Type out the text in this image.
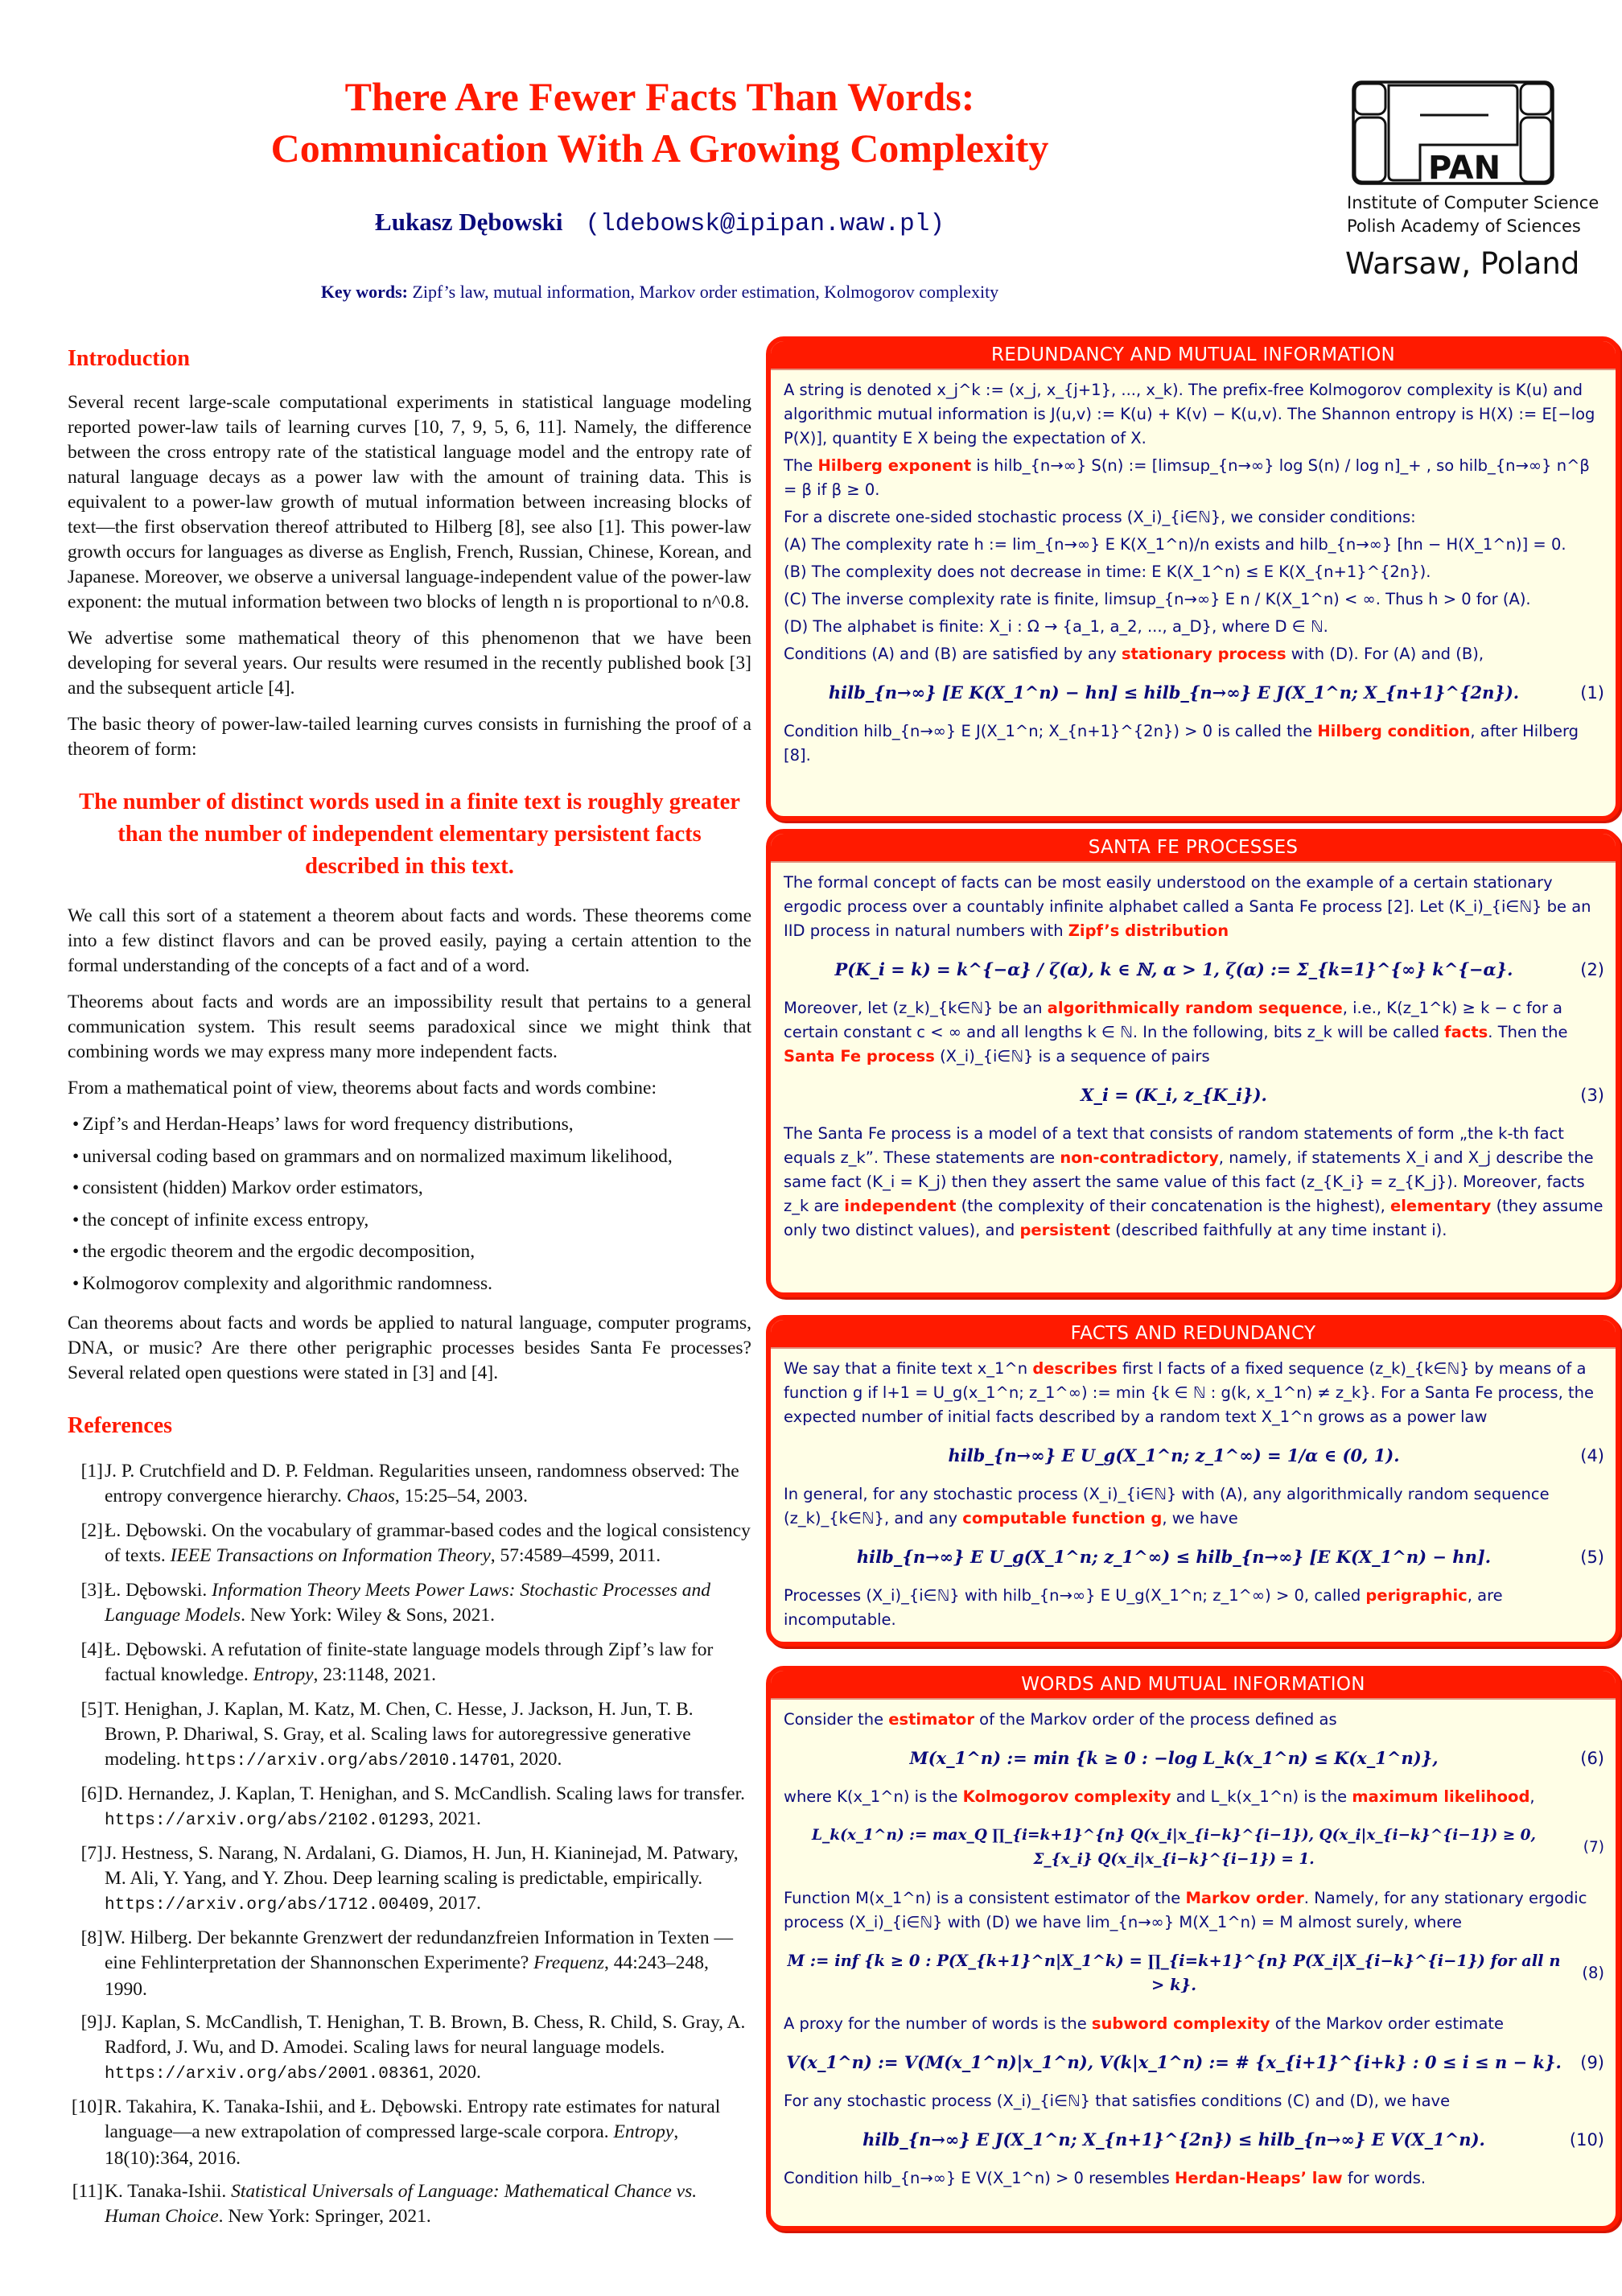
There Are Fewer Facts Than Words:
Communication With A Growing Complexity
Łukasz Dębowski (ldebowsk@ipipan.waw.pl)
Key words: Zipf’s law, mutual information, Markov order estimation, Kolmogorov complexity
PAN
Institute of Computer Science
Polish Academy of Sciences
Warsaw, Poland
Introduction

Several recent large-scale computational experiments in statistical language modeling reported power-law tails of learning curves [10, 7, 9, 5, 6, 11]. Namely, the difference between the cross entropy rate of the statistical language model and the entropy rate of natural language decays as a power law with the amount of training data. This is equivalent to a power-law growth of mutual information between increasing blocks of text—the first observation thereof attributed to Hilberg [8], see also [1]. This power-law growth occurs for languages as diverse as English, French, Russian, Chinese, Korean, and Japanese. Moreover, we observe a universal language-independent value of the power-law exponent: the mutual information between two blocks of length n is proportional to n^0.8.

We advertise some mathematical theory of this phenomenon that we have been developing for several years. Our results were resumed in the recently published book [3] and the subsequent article [4].

The basic theory of power-law-tailed learning curves consists in furnishing the proof of a theorem of form:

The number of distinct words used in a finite text is roughly greater than the number of independent elementary persistent facts described in this text.

We call this sort of a statement a theorem about facts and words. These theorems come into a few distinct flavors and can be proved easily, paying a certain attention to the formal understanding of the concepts of a fact and of a word.

Theorems about facts and words are an impossibility result that pertains to a general communication system. This result seems paradoxical since we might think that combining words we may express many more independent facts.

From a mathematical point of view, theorems about facts and words combine:

• Zipf’s and Herdan-Heaps’ laws for word frequency distributions,
• universal coding based on grammars and on normalized maximum likelihood,
• consistent (hidden) Markov order estimators,
• the concept of infinite excess entropy,
• the ergodic theorem and the ergodic decomposition,
• Kolmogorov complexity and algorithmic randomness.

Can theorems about facts and words be applied to natural language, computer programs, DNA, or music? Are there other perigraphic processes besides Santa Fe processes? Several related open questions were stated in [3] and [4].

References
[1] J. P. Crutchfield and D. P. Feldman. Regularities unseen, randomness observed: The entropy convergence hierarchy. Chaos, 15:25–54, 2003.
[2] Ł. Dębowski. On the vocabulary of grammar-based codes and the logical consistency of texts. IEEE Transactions on Information Theory, 57:4589–4599, 2011.
[3] Ł. Dębowski. Information Theory Meets Power Laws: Stochastic Processes and Language Models. New York: Wiley & Sons, 2021.
[4] Ł. Dębowski. A refutation of finite-state language models through Zipf’s law for factual knowledge. Entropy, 23:1148, 2021.
[5] T. Henighan, J. Kaplan, M. Katz, M. Chen, C. Hesse, J. Jackson, H. Jun, T. B. Brown, P. Dhariwal, S. Gray, et al. Scaling laws for autoregressive generative modeling. https://arxiv.org/abs/2010.14701, 2020.
[6] D. Hernandez, J. Kaplan, T. Henighan, and S. McCandlish. Scaling laws for transfer. https://arxiv.org/abs/2102.01293, 2021.
[7] J. Hestness, S. Narang, N. Ardalani, G. Diamos, H. Jun, H. Kianinejad, M. Patwary, M. Ali, Y. Yang, and Y. Zhou. Deep learning scaling is predictable, empirically. https://arxiv.org/abs/1712.00409, 2017.
[8] W. Hilberg. Der bekannte Grenzwert der redundanzfreien Information in Texten — eine Fehlinterpretation der Shannonschen Experimente? Frequenz, 44:243–248, 1990.
[9] J. Kaplan, S. McCandlish, T. Henighan, T. B. Brown, B. Chess, R. Child, S. Gray, A. Radford, J. Wu, and D. Amodei. Scaling laws for neural language models. https://arxiv.org/abs/2001.08361, 2020.
[10] R. Takahira, K. Tanaka-Ishii, and Ł. Dębowski. Entropy rate estimates for natural language—a new extrapolation of compressed large-scale corpora. Entropy, 18(10):364, 2016.
[11] K. Tanaka-Ishii. Statistical Universals of Language: Mathematical Chance vs. Human Choice. New York: Springer, 2021.
REDUNDANCY AND MUTUAL INFORMATION

A string is denoted x_j^k := (x_j, x_{j+1}, ..., x_k). The prefix-free Kolmogorov complexity is K(u) and algorithmic mutual information is J(u,v) := K(u) + K(v) − K(u,v). The Shannon entropy is H(X) := E[−log P(X)], quantity E X being the expectation of X.

The Hilberg exponent is hilb_{n→∞} S(n) := [limsup_{n→∞} log S(n) / log n]_+ , so hilb_{n→∞} n^β = β if β ≥ 0.

For a discrete one-sided stochastic process (X_i)_{i∈ℕ}, we consider conditions:

(A) The complexity rate h := lim_{n→∞} E K(X_1^n)/n exists and hilb_{n→∞} [hn − H(X_1^n)] = 0.

(B) The complexity does not decrease in time: E K(X_1^n) ≤ E K(X_{n+1}^{2n}).

(C) The inverse complexity rate is finite, limsup_{n→∞} E n / K(X_1^n) < ∞. Thus h > 0 for (A).

(D) The alphabet is finite: X_i : Ω → {a_1, a_2, ..., a_D}, where D ∈ ℕ.

Conditions (A) and (B) are satisfied by any stationary process with (D). For (A) and (B),

hilb_{n→∞} [E K(X_1^n) − hn] ≤ hilb_{n→∞} E J(X_1^n; X_{n+1}^{2n}).	(1)

Condition hilb_{n→∞} E J(X_1^n; X_{n+1}^{2n}) > 0 is called the Hilberg condition, after Hilberg [8].

SANTA FE PROCESSES

The formal concept of facts can be most easily understood on the example of a certain stationary ergodic process over a countably infinite alphabet called a Santa Fe process [2]. Let (K_i)_{i∈ℕ} be an IID process in natural numbers with Zipf’s distribution

P(K_i = k) = k^{−α} / ζ(α), k ∈ ℕ, α > 1, ζ(α) := Σ_{k=1}^{∞} k^{−α}.	(2)

Moreover, let (z_k)_{k∈ℕ} be an algorithmically random sequence, i.e., K(z_1^k) ≥ k − c for a certain constant c < ∞ and all lengths k ∈ ℕ. In the following, bits z_k will be called facts. Then the Santa Fe process (X_i)_{i∈ℕ} is a sequence of pairs

X_i = (K_i, z_{K_i}).	(3)

The Santa Fe process is a model of a text that consists of random statements of form „the k-th fact equals z_k”. These statements are non-contradictory, namely, if statements X_i and X_j describe the same fact (K_i = K_j) then they assert the same value of this fact (z_{K_i} = z_{K_j}). Moreover, facts z_k are independent (the complexity of their concatenation is the highest), elementary (they assume only two distinct values), and persistent (described faithfully at any time instant i).

FACTS AND REDUNDANCY

We say that a finite text x_1^n describes first l facts of a fixed sequence (z_k)_{k∈ℕ} by means of a function g if l+1 = U_g(x_1^n; z_1^∞) := min {k ∈ ℕ : g(k, x_1^n) ≠ z_k}. For a Santa Fe process, the expected number of initial facts described by a random text X_1^n grows as a power law

hilb_{n→∞} E U_g(X_1^n; z_1^∞) = 1/α ∈ (0, 1).	(4)

In general, for any stochastic process (X_i)_{i∈ℕ} with (A), any algorithmically random sequence (z_k)_{k∈ℕ}, and any computable function g, we have

hilb_{n→∞} E U_g(X_1^n; z_1^∞) ≤ hilb_{n→∞} [E K(X_1^n) − hn].	(5)

Processes (X_i)_{i∈ℕ} with hilb_{n→∞} E U_g(X_1^n; z_1^∞) > 0, called perigraphic, are incomputable.

WORDS AND MUTUAL INFORMATION

Consider the estimator of the Markov order of the process defined as

M(x_1^n) := min {k ≥ 0 : −log L_k(x_1^n) ≤ K(x_1^n)},	(6)

where K(x_1^n) is the Kolmogorov complexity and L_k(x_1^n) is the maximum likelihood,

L_k(x_1^n) := max_Q ∏_{i=k+1}^{n} Q(x_i|x_{i−k}^{i−1}), Q(x_i|x_{i−k}^{i−1}) ≥ 0, Σ_{x_i} Q(x_i|x_{i−k}^{i−1}) = 1.
(7)

Function M(x_1^n) is a consistent estimator of the Markov order. Namely, for any stationary ergodic process (X_i)_{i∈ℕ} with (D) we have lim_{n→∞} M(X_1^n) = M almost surely, where

M := inf {k ≥ 0 : P(X_{k+1}^n|X_1^k) = ∏_{i=k+1}^{n} P(X_i|X_{i−k}^{i−1}) for all n > k}.
(8)

A proxy for the number of words is the subword complexity of the Markov order estimate

V(x_1^n) := V(M(x_1^n)|x_1^n), V(k|x_1^n) := # {x_{i+1}^{i+k} : 0 ≤ i ≤ n − k}.	(9)

For any stochastic process (X_i)_{i∈ℕ} that satisfies conditions (C) and (D), we have

hilb_{n→∞} E J(X_1^n; X_{n+1}^{2n}) ≤ hilb_{n→∞} E V(X_1^n).	(10)

Condition hilb_{n→∞} E V(X_1^n) > 0 resembles Herdan-Heaps’ law for words.
